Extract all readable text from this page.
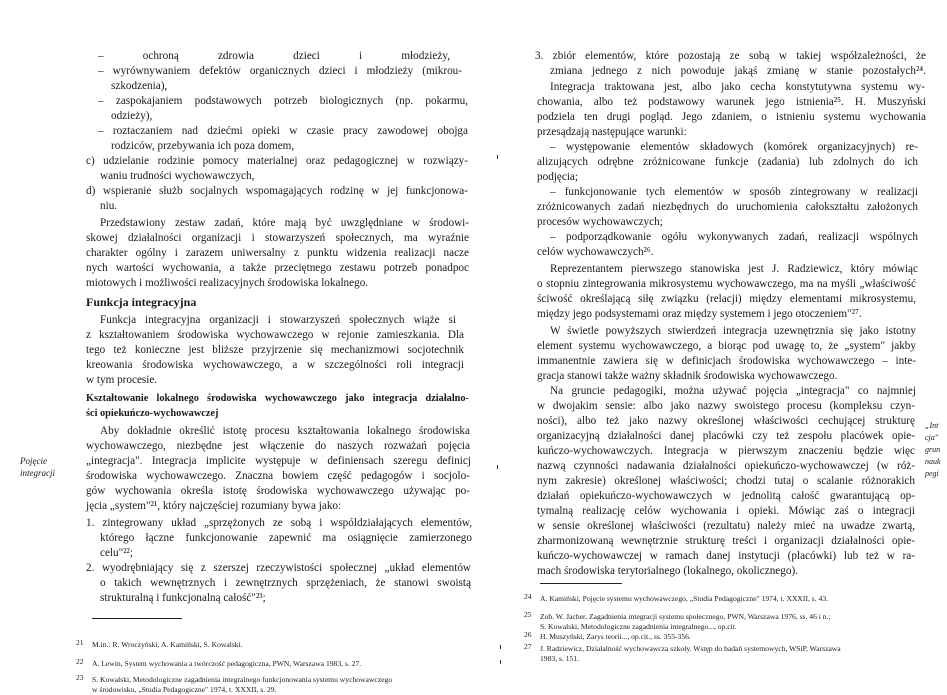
– ochroną zdrowia dzieci i młodzieży,
– wyrównywaniem defektów organicznych dzieci i młodzieży (mikrou-
szkodzenia),
– zaspokajaniem podstawowych potrzeb biologicznych (np. pokarmu,
odzieży),
– roztaczaniem nad dziećmi opieki w czasie pracy zawodowej obojga
rodziców, przebywania ich poza domem,
c) udzielanie rodzinie pomocy materialnej oraz pedagogicznej w rozwiązy-
waniu trudności wychowawczych,
d) wspieranie służb socjalnych wspomagających rodzinę w jej funkcjonowa-
niu.
Przedstawiony zestaw zadań, które mają być uwzględniane w środowi-
skowej działalności organizacji i stowarzyszeń społecznych, ma wyraźnie
charakter ogólny i zarazem uniwersalny z punktu widzenia realizacji nacze
nych wartości wychowania, a także przeciętnego zestawu potrzeb ponadpoc
miotowych i możliwości realizacyjnych środowiska lokalnego.
Funkcja integracyjna
Funkcja integracyjna organizacji i stowarzyszeń społecznych wiąże si
z kształtowaniem środowiska wychowawczego w rejonie zamieszkania. Dla
tego też konieczne jest bliższe przyjrzenie się mechanizmowi socjotechnik
kreowania środowiska wychowawczego, a w szczególności roli integracji
w tym procesie.
Kształtowanie lokalnego środowiska wychowawczego jako integracja działalno-
ści opiekuńczo-wychowawczej
Aby dokładnie określić istotę procesu kształtowania lokalnego środowiska
wychowawczego, niezbędne jest włączenie do naszych rozważań pojęcia
„integracja". Integracja implicite występuje w definiensach szeregu definicj
środowiska wychowawczego. Znaczna bowiem część pedagogów i socjolo-
gów wychowania określa istotę środowiska wychowawczego używając po-
jęcia „system"²¹, który najczęściej rozumiany bywa jako:
1. zintegrowany układ „sprzężonych ze sobą i wspóldziałających elementów,
którego łączne funkcjonowanie zapewnić ma osiągnięcie zamierzonego
celu"²²;
2. wyodrębniający się z szerszej rzeczywistości społecznej „układ elementów
o takich wewnętrznych i zewnętrznych sprzężeniach, że stanowi swoistą
strukturalną i funkcjonalną całość"²³;
21 M.in.: R. Wroczyński, A. Kamiński, S. Kowalski.
22 A. Lewin, System wychowania a twórczość pedagogiczna, PWN, Warszawa 1983, s. 27.
23 S. Kowalski, Metodologiczne zagadnienia integralnego funkcjonowania systemu wychowawczego
w środowisku, „Studia Pedagogiczne" 1974, t. XXXII, s. 29.
Pojęcie
integracji
3. zbiór elementów, które pozostają ze sobą w takiej współzależności, że
zmiana jednego z nich powoduje jakąś zmianę w stanie pozostałych²⁴.
Integracja traktowana jest, albo jako cecha konstytutywna systemu wy-
chowania, albo też podstawowy warunek jego istnienia²⁵. H. Muszyński
podziela ten drugi pogląd. Jego zdaniem, o istnieniu systemu wychowania
przesądzają następujące warunki:
– występowanie elementów składowych (komórek organizacyjnych) re-
alizujących odrębne zróżnicowane funkcje (zadania) lub zdolnych do ich
podjęcia;
– funkcjonowanie tych elementów w sposób zintegrowany w realizacji
zróżnicowanych zadań niezbędnych do uruchomienia całokształtu założonych
procesów wychowawczych;
– podporządkowanie ogółu wykonywanych zadań, realizacji wspólnych
celów wychowawczych²⁶.
Reprezentantem pierwszego stanowiska jest J. Radziewicz, który mówiąc
o stopniu zintegrowania mikrosystemu wychowawczego, ma na myśli „właściwość
ściwość określającą siłę związku (relacji) między elementami mikrosystemu,
między jego podsystemami oraz między systemem i jego otoczeniem"²⁷.
W świetle powyższych stwierdzeń integracja uzewnętrznia się jako istotny
element systemu wychowawczego, a biorąc pod uwagę to, że „system" jakby
immanentnie zawiera się w definicjach środowiska wychowawczego – inte-
gracja stanowi także ważny składnik środowiska wychowawczego.
Na gruncie pedagogiki, można używać pojęcia „integracja" co najmniej
w dwojakim sensie: albo jako nazwy swoistego procesu (kompleksu czyn-
ności), albo też jako nazwy określonej właściwości cechującej strukturę
organizacyjną działalności danej placówki czy też zespołu placówek opie-
kuńczo-wychowawczych. Integracja w pierwszym znaczeniu będzie więc
nazwą czynności nadawania działalności opiekuńczo-wychowawczej (w róż-
nym zakresie) określonej właściwości; chodzi tutaj o scalanie różnorakich
działań opiekuńczo-wychowawczych w jednolitą całość gwarantującą op-
tymalną realizację celów wychowania i opieki. Mówiąc zaś o integracji
w sensie określonej właściwości (rezultatu) należy mieć na uwadze zwartą,
zharmonizowaną wewnętrznie strukturę treści i organizacji działalności opie-
kuńczo-wychowawczej w ramach danej instytucji (placówki) lub też w ra-
mach środowiska terytorialnego (lokalnego, okolicznego).
24 A. Kamiński, Pojęcie systemu wychowawczego, „Studia Pedagogiczne" 1974, t. XXXII, s. 43.
25 Zob. W. Jacher, Zagadnienia integracji systemu społecznego, PWN, Warszawa 1976, ss. 46 i n.;
S. Kowalski, Metodologiczne zagadnienia integralnego..., op.cit.
26 H. Muszyński, Zarys teorii..., op.cit., ss. 355-356.
27 J. Radziewicz, Działalność wychowawcza szkoły. Wstęp do badań systemowych, WSiP, Warszawa
1983, s. 151.
„Int
cja"
grun
nauk
pegi
